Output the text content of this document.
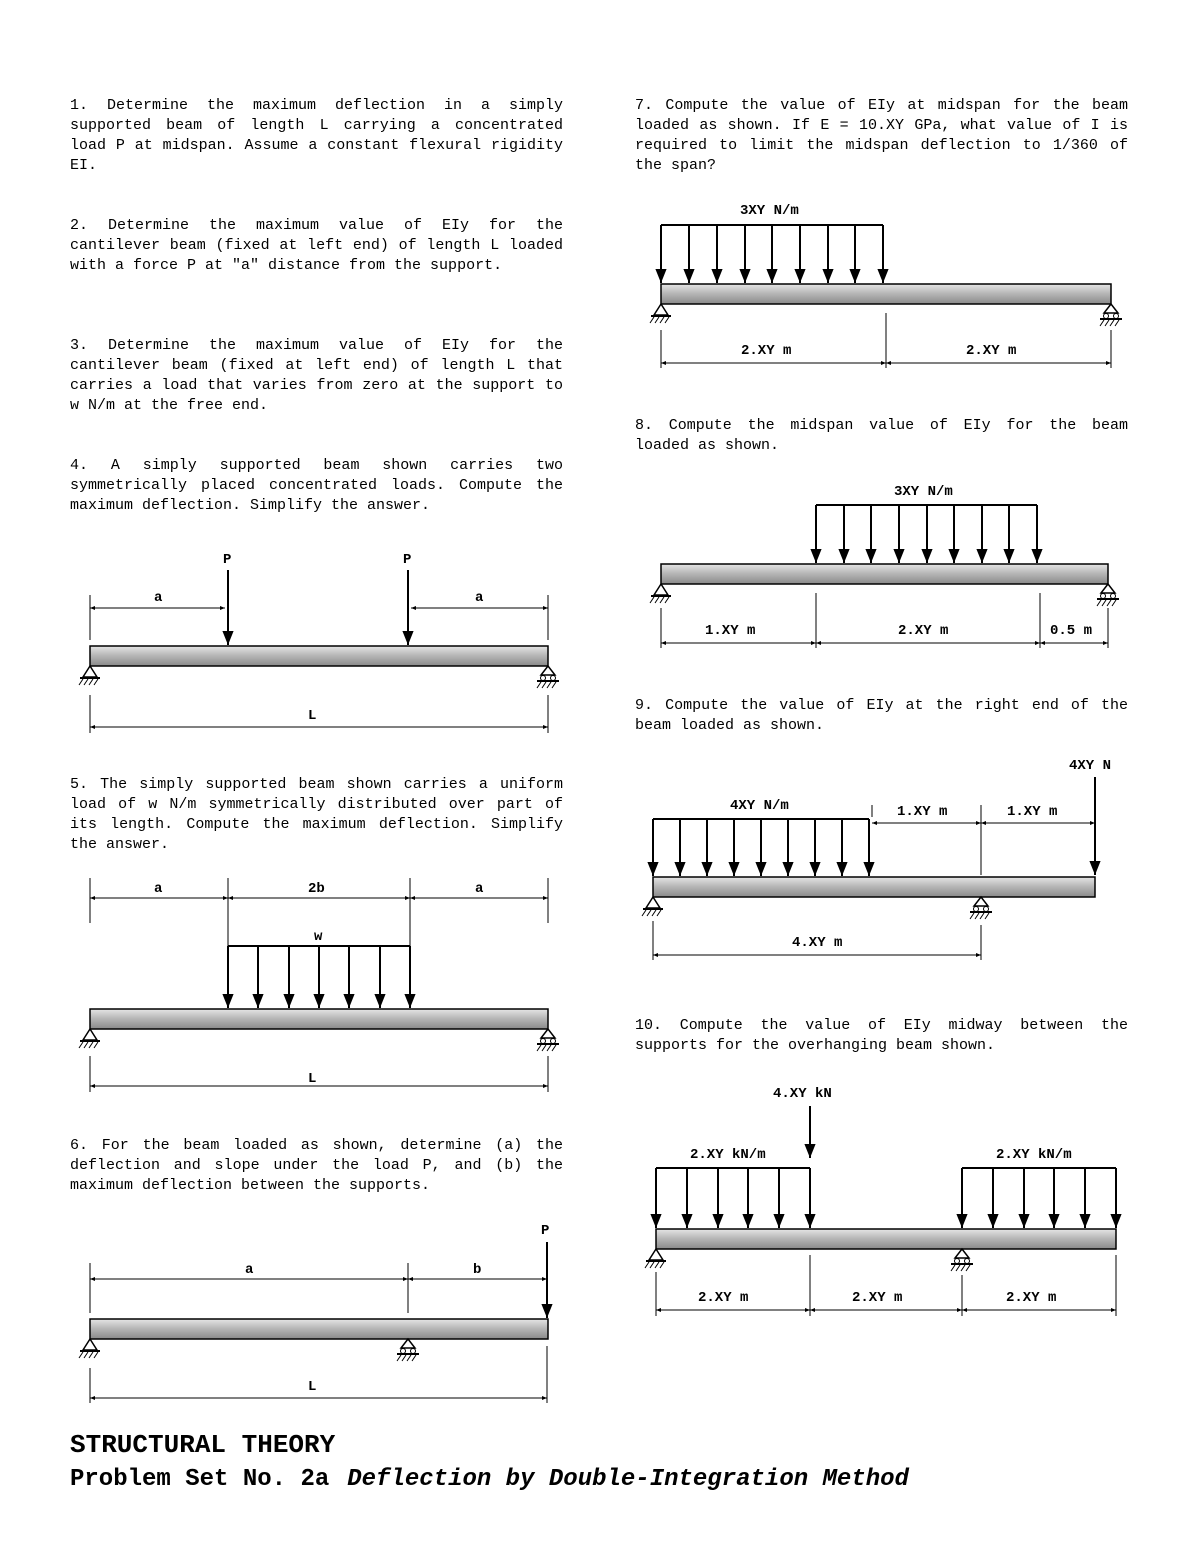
1. Determine the maximum deflection in a simply supported beam of length L carrying a concentrated load P at midspan. Assume a constant flexural rigidity EI.

2. Determine the maximum value of EIy for the cantilever beam (fixed at left end) of length L loaded with a force P at "a" distance from the support.

3. Determine the maximum value of EIy for the cantilever beam (fixed at left end) of length L that carries a load that varies from zero at the support to w N/m at the free end.

4. A simply supported beam shown carries two symmetrically placed concentrated loads. Compute the maximum deflection. Simplify the answer.

5. The simply supported beam shown carries a uniform load of w N/m symmetrically distributed over part of its length. Compute the maximum deflection. Simplify the answer.

6. For the beam loaded as shown, determine (a) the deflection and slope under the load P, and (b) the maximum deflection between the supports.

7. Compute the value of EIy at midspan for the beam loaded as shown. If E = 10.XY GPa, what value of I is required to limit the midspan deflection to 1/360 of the span?

8. Compute the midspan value of EIy for the beam loaded as shown.

9. Compute the value of EIy at the right end of the beam loaded as shown.

10. Compute the value of EIy midway between the supports for the overhanging beam shown.

P	P
a	a
L
a	2b	a
w
L
P
a	b
L
3XY N/m
2.XY m	2.XY m
3XY N/m
1.XY m	2.XY m	0.5 m
4XY N
4XY N/m	1.XY m	1.XY m
4.XY m
4.XY kN
2.XY kN/m	2.XY kN/m
2.XY m	2.XY m	2.XY m
STRUCTURAL THEORY

Problem Set No. 2a Deflection by Double-Integration Method
